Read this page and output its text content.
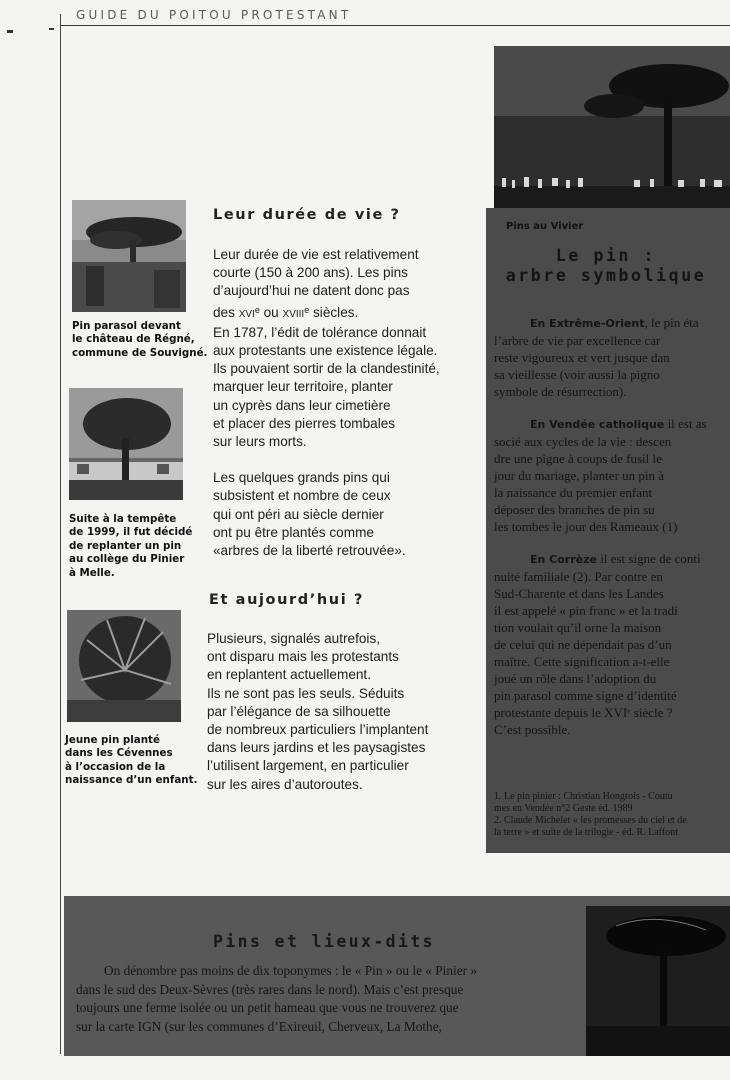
GUIDE DU POITOU PROTESTANT
Pin parasol devant
le château de Régné,
commune de Souvigné.
Suite à la tempête
de 1999, il fut décidé
de replanter un pin
au collège du Pinier
à Melle.
Jeune pin planté
dans les Cévennes
à l’occasion de la
naissance d’un enfant.
Leur durée de vie ?

Leur durée de vie est relativement
courte (150 à 200 ans). Les pins
d’aujourd’hui ne datent donc pas
des XVIe ou XVIIIe siècles.
En 1787, l’édit de tolérance donnait
aux protestants une existence légale.
Ils pouvaient sortir de la clandestinité,
marquer leur territoire, planter
un cyprès dans leur cimetière
et placer des pierres tombales
sur leurs morts.

Les quelques grands pins qui
subsistent et nombre de ceux
qui ont péri au siècle dernier
ont pu être plantés comme
«arbres de la liberté retrouvée».

Et aujourd’hui ?
Plusieurs, signalés autrefois,
ont disparu mais les protestants
en replantent actuellement.
Ils ne sont pas les seuls. Séduits
par l’élégance de sa silhouette
de nombreux particuliers l’implantent
dans leurs jardins et les paysagistes
l’utilisent largement, en particulier
sur les aires d’autoroutes.
Pins au Vivier
Le pin :
arbre symbolique

En Extrême-Orient, le pin éta
l’arbre de vie par excellence car
reste vigoureux et vert jusque dan
sa vieillesse (voir aussi la pigno
symbole de résurrection).

En Vendée catholique il est as
socié aux cycles de la vie : descen
dre une pigne à coups de fusil le
jour du mariage, planter un pin à
la naissance du premier enfant
déposer des branches de pin su
les tombes le jour des Rameaux (1)

En Corrèze il est signe de conti
nuité familiale (2). Par contre en
Sud-Charente et dans les Landes
il est appelé « pin franc » et la tradi
tion voulait qu’il orne la maison
de celui qui ne dépendait pas d’un
maître. Cette signification a-t-elle
joué un rôle dans l’adoption du
pin parasol comme signe d’identité
protestante depuis le XVIᵉ siècle ?
C’est possible.

1. Le pin pinier : Christian Hongrois - Coutu
mes en Vendée n°2 Geste éd. 1989
2. Claude Michelet « les promesses du ciel et de
la terre » et suite de la trilogie - éd. R. Laffont
Pins et lieux-dits
On dénombre pas moins de dix toponymes : le « Pin » ou le « Pinier »
dans le sud des Deux-Sèvres (très rares dans le nord). Mais c’est presque
toujours une ferme isolée ou un petit hameau que vous ne trouverez que
sur la carte IGN (sur les communes d’Exireuil, Cherveux, La Mothe,
